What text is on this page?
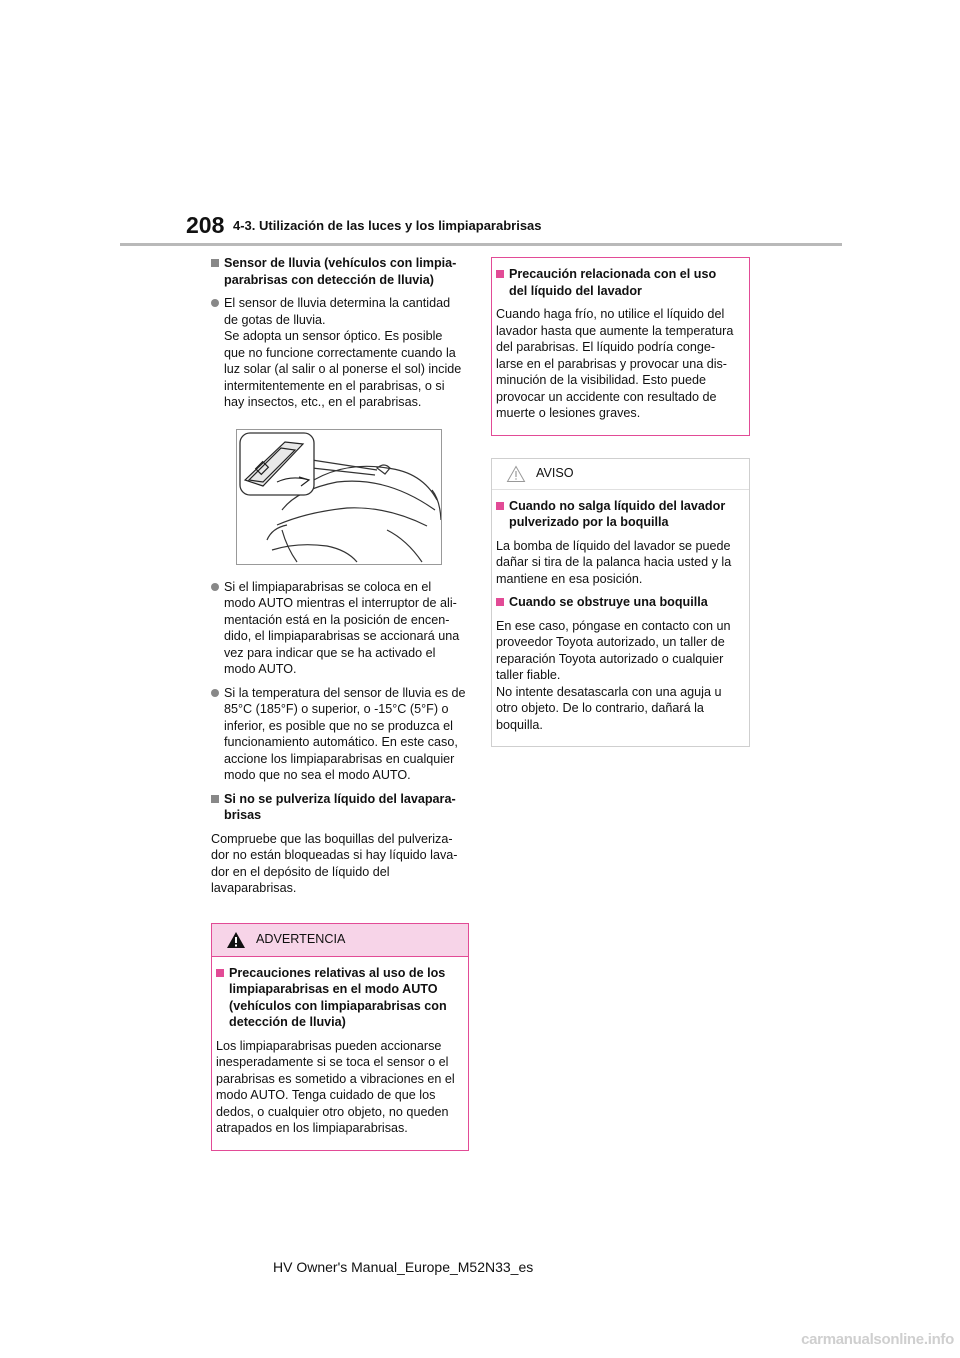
208 4-3. Utilización de las luces y los limpiaparabrisas
Sensor de lluvia (vehículos con limpia-
parabrisas con detección de lluvia)
El sensor de lluvia determina la cantidad
de gotas de lluvia.
Se adopta un sensor óptico. Es posible
que no funcione correctamente cuando la
luz solar (al salir o al ponerse el sol) incide
intermitentemente en el parabrisas, o si
hay insectos, etc., en el parabrisas.
Si el limpiaparabrisas se coloca en el
modo AUTO mientras el interruptor de ali-
mentación está en la posición de encen-
dido, el limpiaparabrisas se accionará una
vez para indicar que se ha activado el
modo AUTO.
Si la temperatura del sensor de lluvia es de
85°C (185°F) o superior, o -15°C (5°F) o
inferior, es posible que no se produzca el
funcionamiento automático. En este caso,
accione los limpiaparabrisas en cualquier
modo que no sea el modo AUTO.
Si no se pulveriza líquido del lavapara-
brisas
Compruebe que las boquillas del pulveriza-
dor no están bloqueadas si hay líquido lava-
dor en el depósito de líquido del
lavaparabrisas.
ADVERTENCIA
Precauciones relativas al uso de los
limpiaparabrisas en el modo AUTO
(vehículos con limpiaparabrisas con
detección de lluvia)
Los limpiaparabrisas pueden accionarse
inesperadamente si se toca el sensor o el
parabrisas es sometido a vibraciones en el
modo AUTO. Tenga cuidado de que los
dedos, o cualquier otro objeto, no queden
atrapados en los limpiaparabrisas.
Precaución relacionada con el uso
del líquido del lavador
Cuando haga frío, no utilice el líquido del
lavador hasta que aumente la temperatura
del parabrisas. El líquido podría conge-
larse en el parabrisas y provocar una dis-
minución de la visibilidad. Esto puede
provocar un accidente con resultado de
muerte o lesiones graves.
AVISO
Cuando no salga líquido del lavador
pulverizado por la boquilla
La bomba de líquido del lavador se puede
dañar si tira de la palanca hacia usted y la
mantiene en esa posición.
Cuando se obstruye una boquilla
En ese caso, póngase en contacto con un
proveedor Toyota autorizado, un taller de
reparación Toyota autorizado o cualquier
taller fiable.
No intente desatascarla con una aguja u
otro objeto. De lo contrario, dañará la
boquilla.
HV Owner's Manual_Europe_M52N33_es
carmanualsonline.info
